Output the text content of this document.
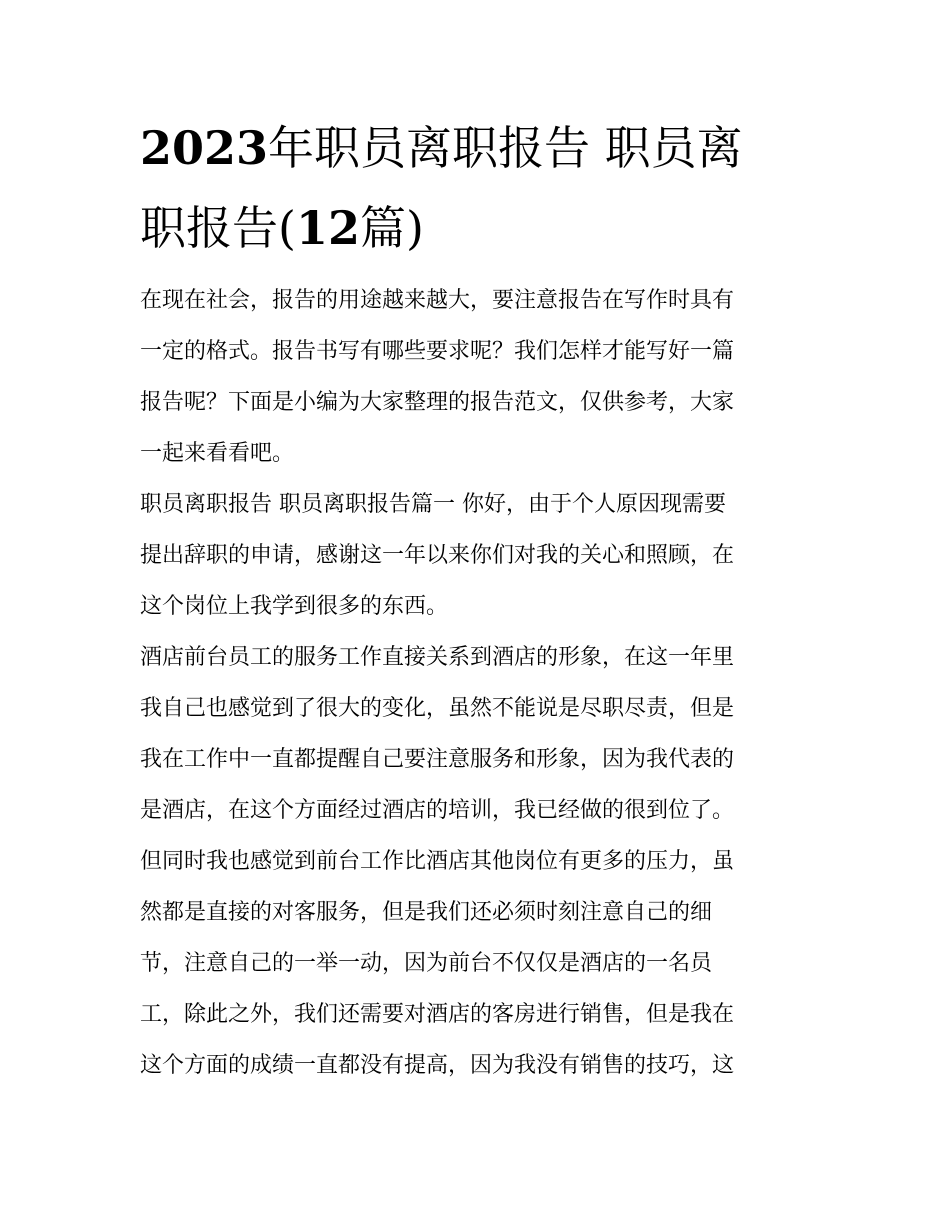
2023年职员离职报告 职员离
职报告(12篇)

在现在社会，报告的用途越来越大，要注意报告在写作时具有
一定的格式。报告书写有哪些要求呢？我们怎样才能写好一篇
报告呢？下面是小编为大家整理的报告范文，仅供参考，大家
一起来看看吧。

职员离职报告 职员离职报告篇一 你好，由于个人原因现需要
提出辞职的申请，感谢这一年以来你们对我的关心和照顾，在
这个岗位上我学到很多的东西。

酒店前台员工的服务工作直接关系到酒店的形象，在这一年里
我自己也感觉到了很大的变化，虽然不能说是尽职尽责，但是
我在工作中一直都提醒自己要注意服务和形象，因为我代表的
是酒店，在这个方面经过酒店的培训，我已经做的很到位了。
但同时我也感觉到前台工作比酒店其他岗位有更多的压力，虽
然都是直接的对客服务，但是我们还必须时刻注意自己的细
节，注意自己的一举一动，因为前台不仅仅是酒店的一名员
工，除此之外，我们还需要对酒店的客房进行销售，但是我在
这个方面的成绩一直都没有提高，因为我没有销售的技巧，这
